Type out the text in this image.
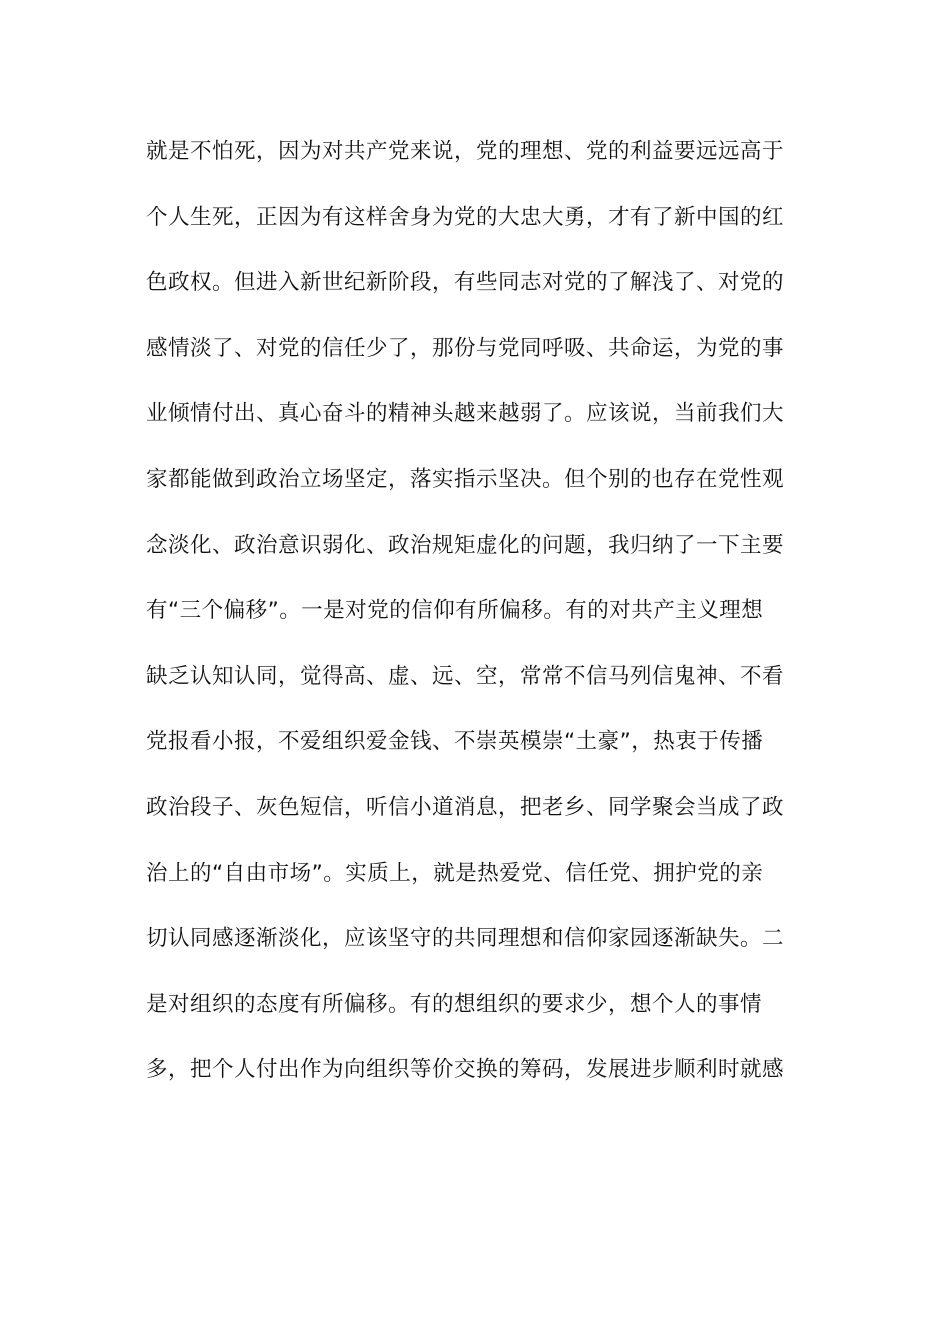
就是不怕死，因为对共产党来说，党的理想、党的利益要远远高于
个人生死，正因为有这样舍身为党的大忠大勇，才有了新中国的红
色政权。但进入新世纪新阶段，有些同志对党的了解浅了、对党的
感情淡了、对党的信任少了，那份与党同呼吸、共命运，为党的事
业倾情付出、真心奋斗的精神头越来越弱了。应该说，当前我们大
家都能做到政治立场坚定，落实指示坚决。但个别的也存在党性观
念淡化、政治意识弱化、政治规矩虚化的问题，我归纳了一下主要
有“三个偏移”。一是对党的信仰有所偏移。有的对共产主义理想
缺乏认知认同，觉得高、虚、远、空，常常不信马列信鬼神、不看
党报看小报，不爱组织爱金钱、不崇英模崇“土豪”，热衷于传播
政治段子、灰色短信，听信小道消息，把老乡、同学聚会当成了政
治上的“自由市场”。实质上，就是热爱党、信任党、拥护党的亲
切认同感逐渐淡化，应该坚守的共同理想和信仰家园逐渐缺失。二
是对组织的态度有所偏移。有的想组织的要求少，想个人的事情
多，把个人付出作为向组织等价交换的筹码，发展进步顺利时就感
